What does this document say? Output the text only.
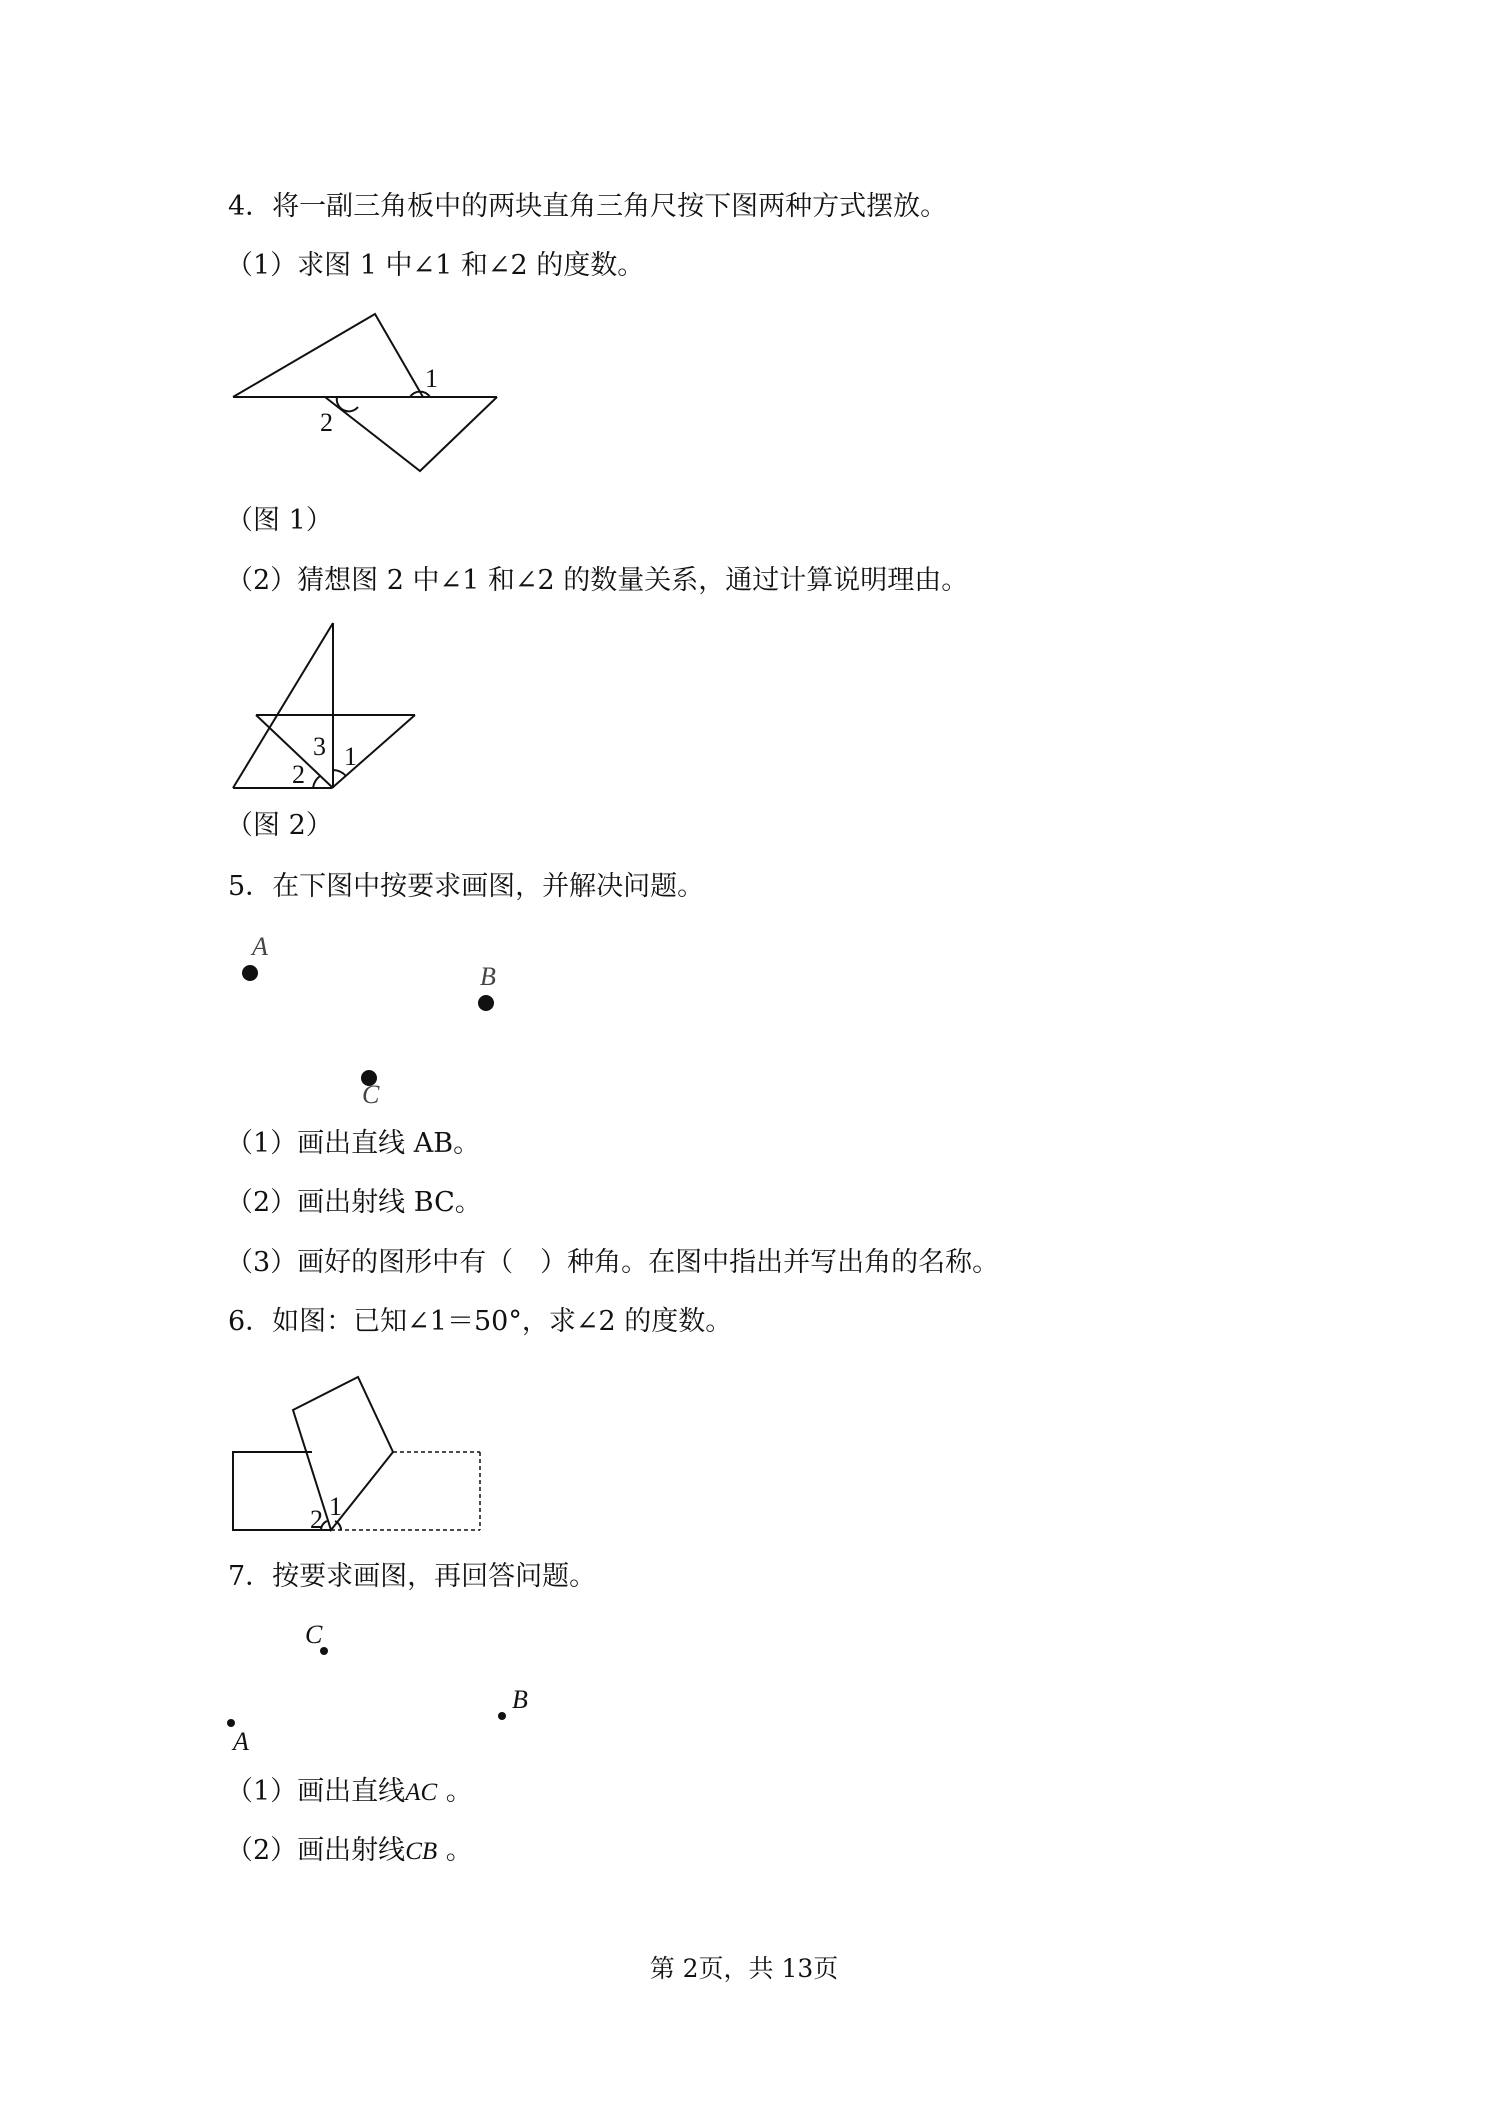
4．将一副三角板中的两块直角三角尺按下图两种方式摆放。
（1）求图 1 中∠1 和∠2 的度数。
1
2
（图 1）
（2）猜想图 2 中∠1 和∠2 的数量关系，通过计算说明理由。
3 1
2
（图 2）
5．在下图中按要求画图，并解决问题。
A
B
C
（1）画出直线 AB。
（2）画出射线 BC。
（3）画好的图形中有（　）种角。在图中指出并写出角的名称。
6．如图：已知∠1＝50°，求∠2 的度数。
2 1
7．按要求画图，再回答问题。
C
B
A
（1）画出直线AC 。
（2）画出射线CB 。
第 2页，共 13页
